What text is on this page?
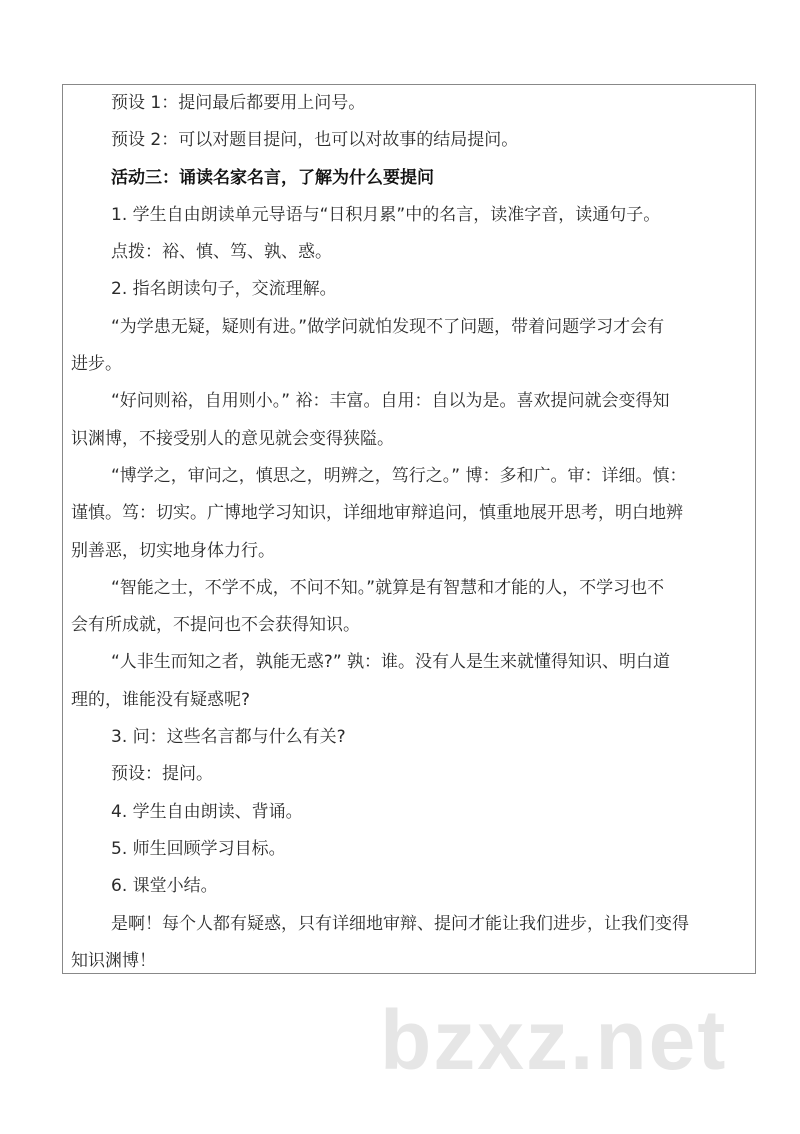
预设 1：提问最后都要用上问号。
预设 2：可以对题目提问，也可以对故事的结局提问。
活动三：诵读名家名言，了解为什么要提问
1. 学生自由朗读单元导语与“日积月累”中的名言，读准字音，读通句子。
点拨：裕、慎、笃、孰、惑。
2. 指名朗读句子，交流理解。
“为学患无疑，疑则有进。”做学问就怕发现不了问题，带着问题学习才会有
进步。
“好问则裕，自用则小。” 裕：丰富。自用：自以为是。喜欢提问就会变得知
识渊博，不接受别人的意见就会变得狭隘。
“博学之，审问之，慎思之，明辨之，笃行之。” 博：多和广。审：详细。慎：
谨慎。笃：切实。广博地学习知识，详细地审辩追问，慎重地展开思考，明白地辨
别善恶，切实地身体力行。
“智能之士，不学不成，不问不知。”就算是有智慧和才能的人，不学习也不
会有所成就，不提问也不会获得知识。
“人非生而知之者，孰能无惑?” 孰：谁。没有人是生来就懂得知识、明白道
理的，谁能没有疑惑呢?
3. 问：这些名言都与什么有关?
预设：提问。
4. 学生自由朗读、背诵。
5. 师生回顾学习目标。
6. 课堂小结。
是啊！每个人都有疑惑，只有详细地审辩、提问才能让我们进步，让我们变得
知识渊博！
bzxz.net
